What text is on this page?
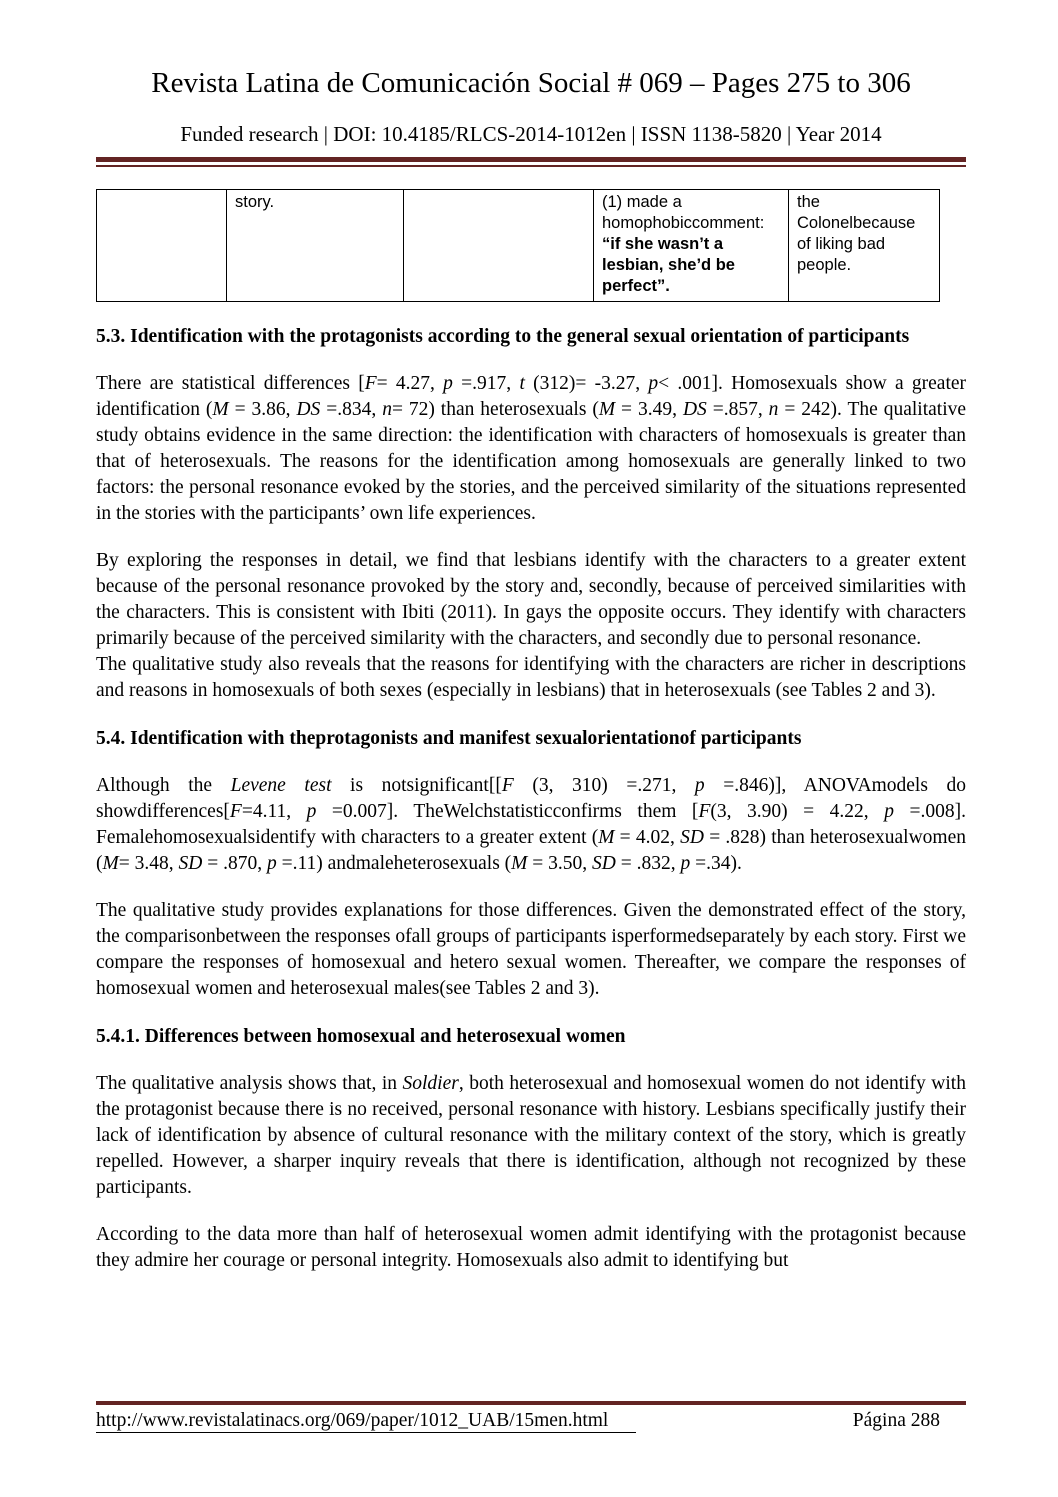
Revista Latina de Comunicación Social # 069 – Pages 275 to 306
Funded research | DOI: 10.4185/RLCS-2014-1012en | ISSN 1138-5820 | Year 2014
	story.		(1) made a homophobiccomment: “if she wasn’t a lesbian, she’d be perfect”.	the Colonelbecause of liking bad people.
5.3. Identification with the protagonists according to the general sexual orientation of participants

There are statistical differences [F= 4.27, p =.917, t (312)= -3.27, p< .001]. Homosexuals show a greater identification (M = 3.86, DS =.834, n= 72) than heterosexuals (M = 3.49, DS =.857, n = 242). The qualitative study obtains evidence in the same direction: the identification with characters of homosexuals is greater than that of heterosexuals. The reasons for the identification among homosexuals are generally linked to two factors: the personal resonance evoked by the stories, and the perceived similarity of the situations represented in the stories with the participants’ own life experiences.

By exploring the responses in detail, we find that lesbians identify with the characters to a greater extent because of the personal resonance provoked by the story and, secondly, because of perceived similarities with the characters. This is consistent with Ibiti (2011). In gays the opposite occurs. They identify with characters primarily because of the perceived similarity with the characters, and secondly due to personal resonance.

The qualitative study also reveals that the reasons for identifying with the characters are richer in descriptions and reasons in homosexuals of both sexes (especially in lesbians) that in heterosexuals (see Tables 2 and 3).

5.4. Identification with theprotagonists and manifest sexualorientationof participants

Although the Levene test is notsignificant[[F (3, 310) =.271, p =.846)], ANOVAmodels do showdifferences[F=4.11, p =0.007]. TheWelchstatisticconfirms them [F(3, 3.90) = 4.22, p =.008]. Femalehomosexualsidentify with characters to a greater extent (M = 4.02, SD = .828) than heterosexualwomen (M= 3.48, SD = .870, p =.11) andmaleheterosexuals (M = 3.50, SD = .832, p =.34).

The qualitative study provides explanations for those differences. Given the demonstrated effect of the story, the comparisonbetween the responses ofall groups of participants isperformedseparately by each story. First we compare the responses of homosexual and hetero sexual women. Thereafter, we compare the responses of homosexual women and heterosexual males(see Tables 2 and 3).

5.4.1. Differences between homosexual and heterosexual women

The qualitative analysis shows that, in Soldier, both heterosexual and homosexual women do not identify with the protagonist because there is no received, personal resonance with history. Lesbians specifically justify their lack of identification by absence of cultural resonance with the military context of the story, which is greatly repelled. However, a sharper inquiry reveals that there is identification, although not recognized by these participants.

According to the data more than half of heterosexual women admit identifying with the protagonist because they admire her courage or personal integrity. Homosexuals also admit to identifying but

http://www.revistalatinacs.org/069/paper/1012_UAB/15men.html	Página 288
